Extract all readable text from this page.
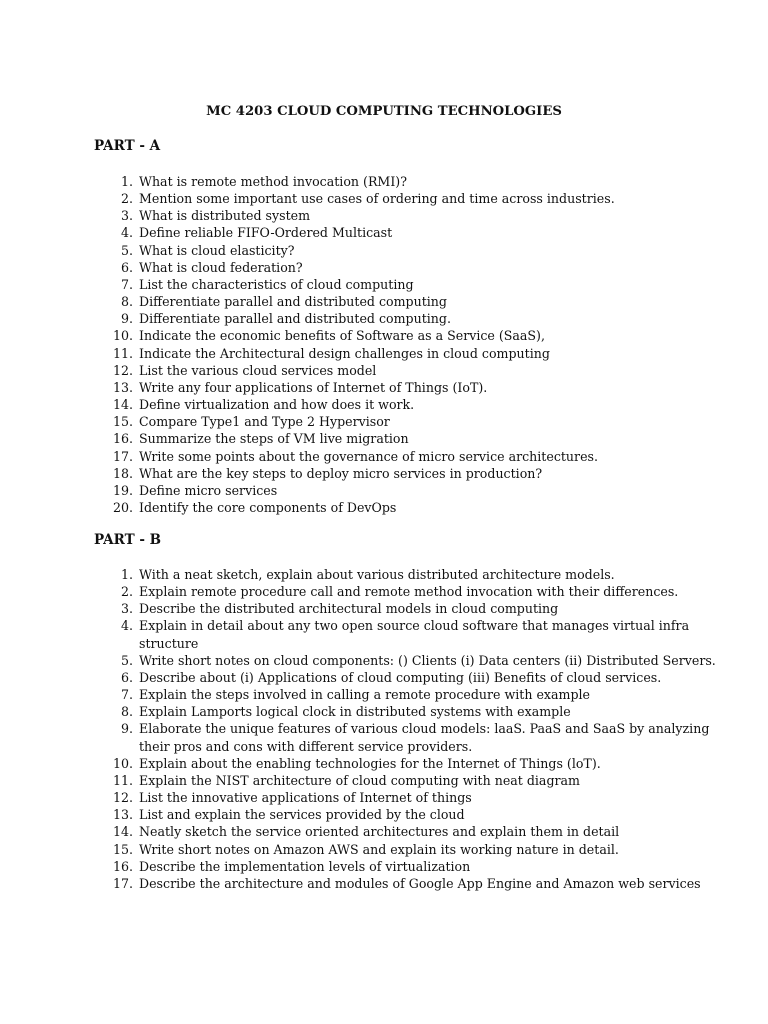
MC 4203 CLOUD COMPUTING TECHNOLOGIES
PART - A
1. What is remote method invocation (RMI)?
2. Mention some important use cases of ordering and time across industries.
3. What is distributed system
4. Define reliable FIFO-Ordered Multicast
5. What is cloud elasticity?
6. What is cloud federation?
7. List the characteristics of cloud computing
8. Differentiate parallel and distributed computing
9. Differentiate parallel and distributed computing.
10. Indicate the economic benefits of Software as a Service (SaaS),
11. Indicate the Architectural design challenges in cloud computing
12. List the various cloud services model
13. Write any four applications of Internet of Things (IoT).
14. Define virtualization and how does it work.
15. Compare Type1 and Type 2 Hypervisor
16. Summarize the steps of VM live migration
17. Write some points about the governance of micro service architectures.
18. What are the key steps to deploy micro services in production?
19. Define micro services
20. Identify the core components of DevOps
PART - B
1. With a neat sketch, explain about various distributed architecture models.
2. Explain remote procedure call and remote method invocation with their differences.
3. Describe the distributed architectural models in cloud computing
4. Explain in detail about any two open source cloud software that manages virtual infra
structure
5. Write short notes on cloud components: () Clients (i) Data centers (ii) Distributed Servers.
6. Describe about (i) Applications of cloud computing (iii) Benefits of cloud services.
7. Explain the steps involved in calling a remote procedure with example
8. Explain Lamports logical clock in distributed systems with example
9. Elaborate the unique features of various cloud models: laaS. PaaS and SaaS by analyzing
their pros and cons with different service providers.
10. Explain about the enabling technologies for the Internet of Things (loT).
11. Explain the NIST architecture of cloud computing with neat diagram
12. List the innovative applications of Internet of things
13. List and explain the services provided by the cloud
14. Neatly sketch the service oriented architectures and explain them in detail
15. Write short notes on Amazon AWS and explain its working nature in detail.
16. Describe the implementation levels of virtualization
17. Describe the architecture and modules of Google App Engine and Amazon web services
